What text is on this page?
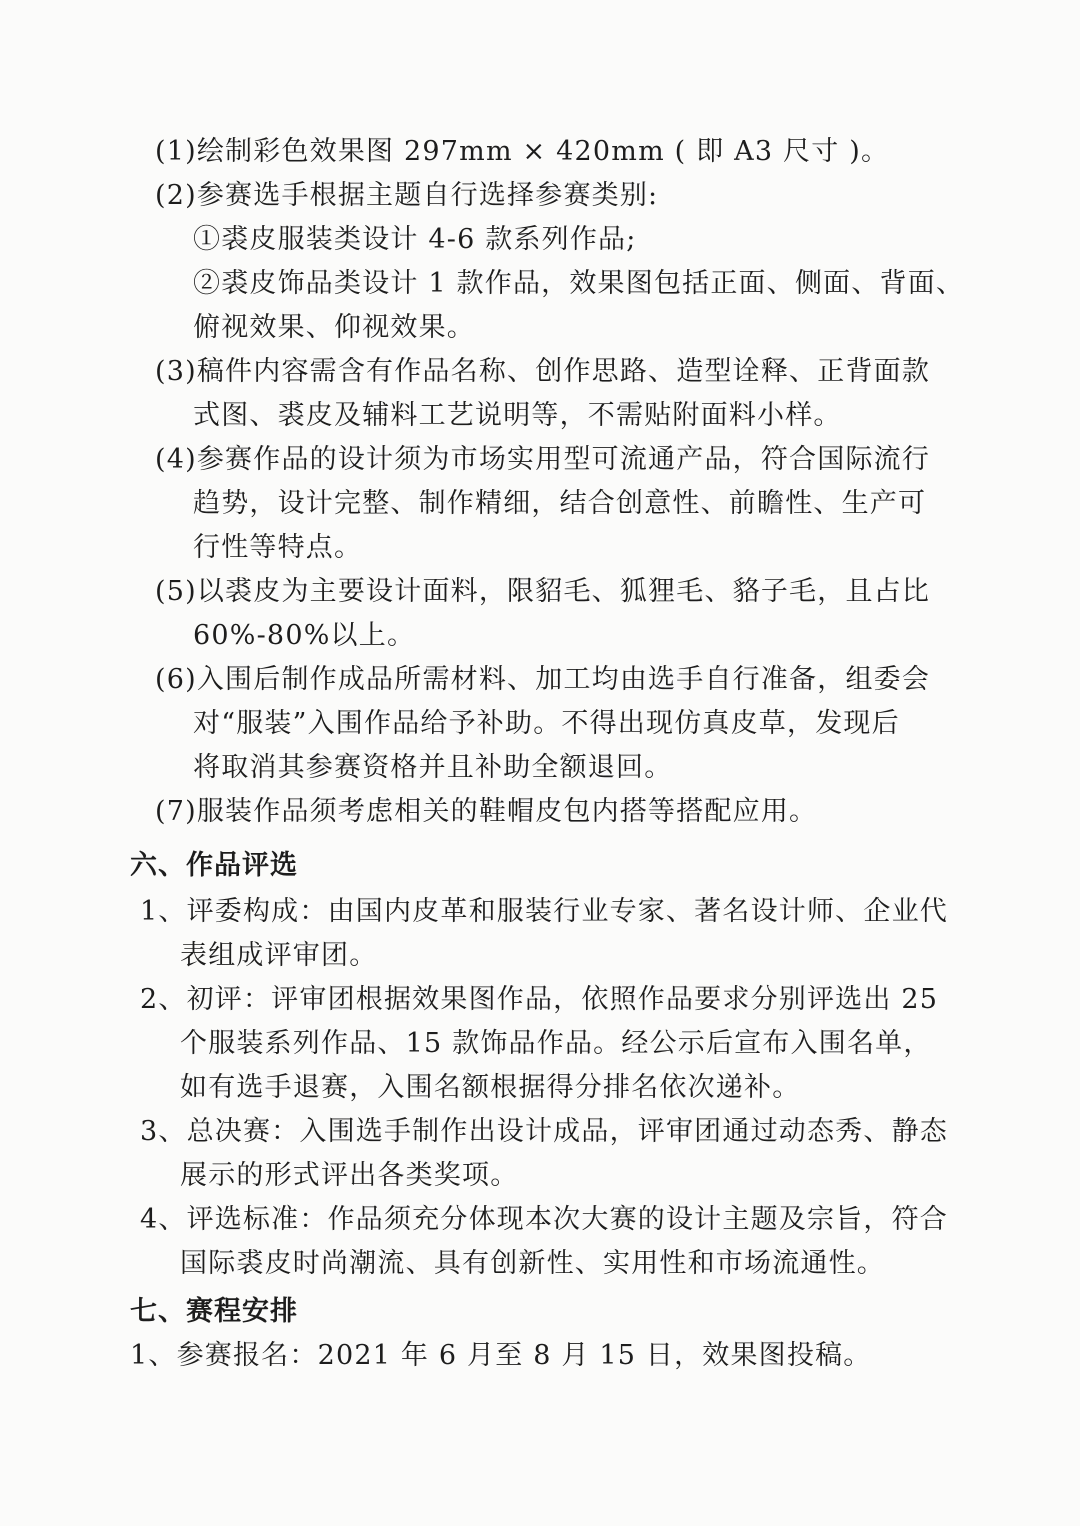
(1)绘制彩色效果图 297mm × 420mm ( 即 A3 尺寸 )。
(2)参赛选手根据主题自行选择参赛类别:
①裘皮服装类设计 4-6 款系列作品;
②裘皮饰品类设计 1 款作品，效果图包括正面、侧面、背面、
俯视效果、仰视效果。
(3)稿件内容需含有作品名称、创作思路、造型诠释、正背面款
式图、裘皮及辅料工艺说明等，不需贴附面料小样。
(4)参赛作品的设计须为市场实用型可流通产品，符合国际流行
趋势，设计完整、制作精细，结合创意性、前瞻性、生产可
行性等特点。
(5)以裘皮为主要设计面料，限貂毛、狐狸毛、貉子毛，且占比
60%-80%以上。
(6)入围后制作成品所需材料、加工均由选手自行准备，组委会
对“服装”入围作品给予补助。不得出现仿真皮草，发现后
将取消其参赛资格并且补助全额退回。
(7)服装作品须考虑相关的鞋帽皮包内搭等搭配应用。
六、作品评选
1、评委构成：由国内皮革和服装行业专家、著名设计师、企业代
表组成评审团。
2、初评：评审团根据效果图作品，依照作品要求分别评选出 25
个服装系列作品、15 款饰品作品。经公示后宣布入围名单，
如有选手退赛，入围名额根据得分排名依次递补。
3、总决赛：入围选手制作出设计成品，评审团通过动态秀、静态
展示的形式评出各类奖项。
4、评选标准：作品须充分体现本次大赛的设计主题及宗旨，符合
国际裘皮时尚潮流、具有创新性、实用性和市场流通性。
七、赛程安排
1、参赛报名：2021 年 6 月至 8 月 15 日，效果图投稿。
